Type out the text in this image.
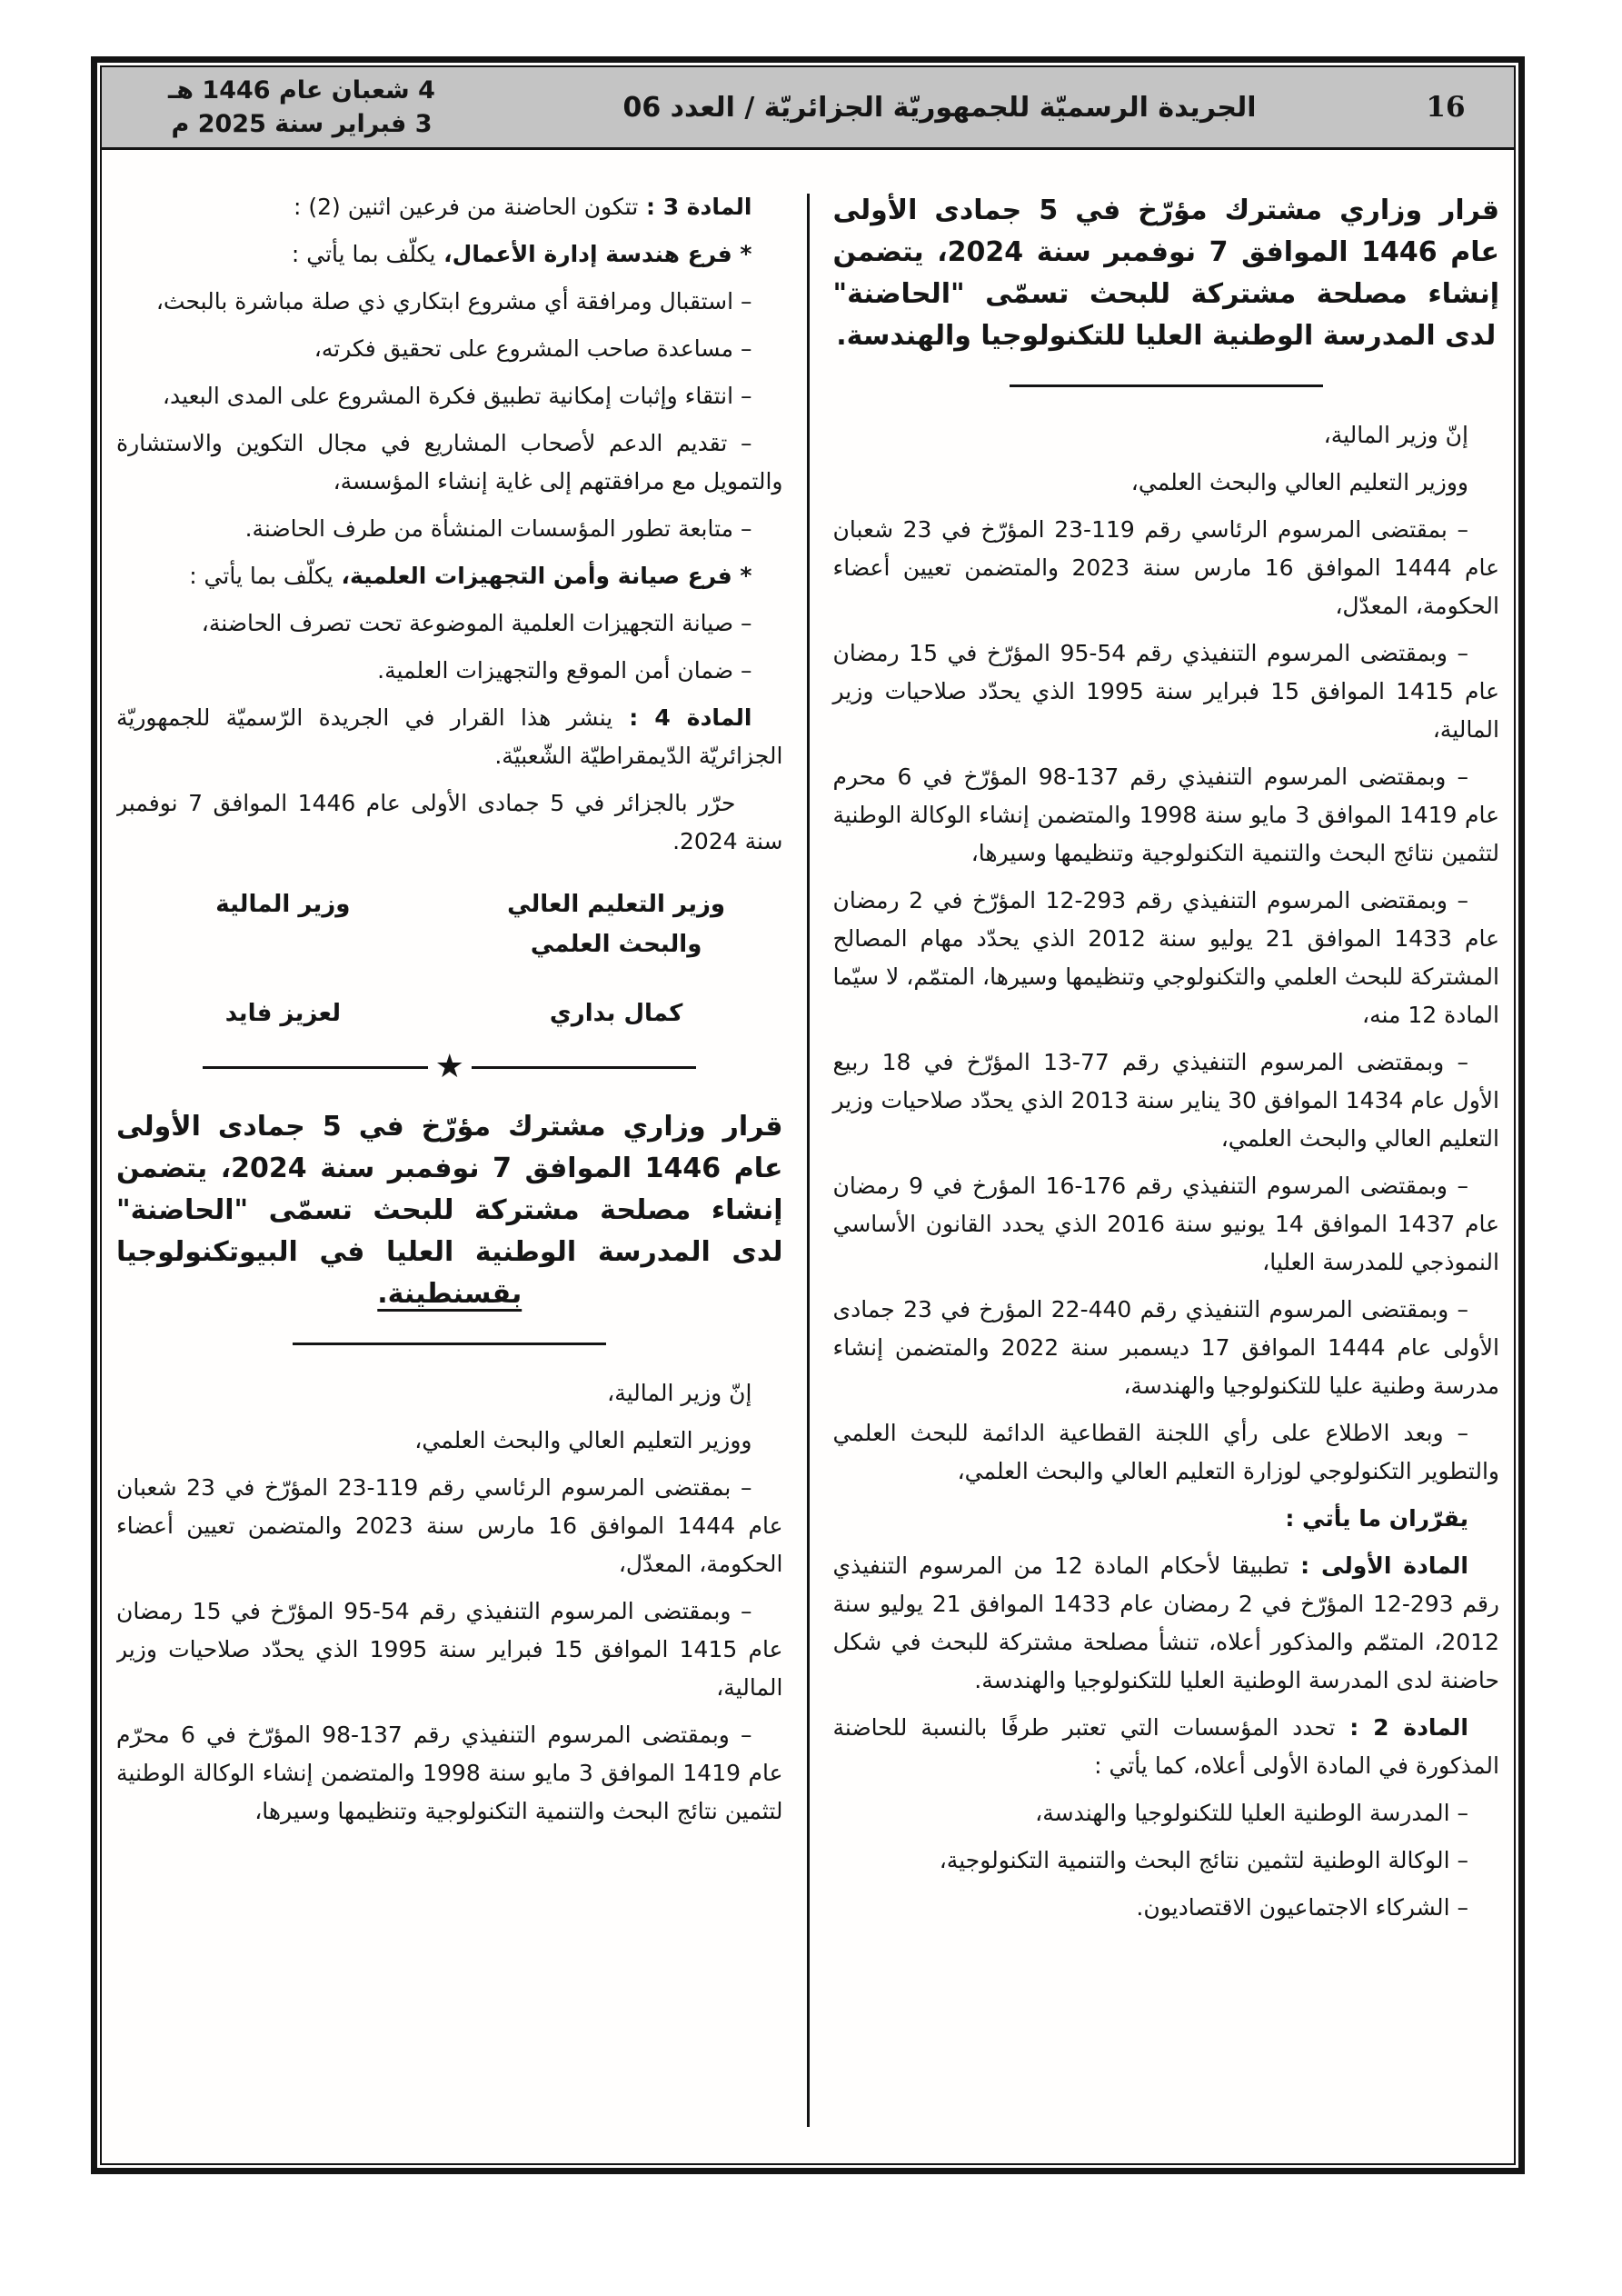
16
الجريدة الرسميّة للجمهوريّة الجزائريّة / العدد 06
4 شعبان عام 1446 هـ
3 فبراير سنة 2025 م

قرار وزاري مشترك مؤرّخ في 5 جمادى الأولى عام 1446 الموافق 7 نوفمبر سنة 2024، يتضمن إنشاء مصلحة مشتركة للبحث تسمّى "الحاضنة" لدى المدرسة الوطنية العليا للتكنولوجيا والهندسة.

إنّ وزير المالية،

ووزير التعليم العالي والبحث العلمي،

– بمقتضى المرسوم الرئاسي رقم 119-23 المؤرّخ في 23 شعبان عام 1444 الموافق 16 مارس سنة 2023 والمتضمن تعيين أعضاء الحكومة، المعدّل،

– وبمقتضى المرسوم التنفيذي رقم 54-95 المؤرّخ في 15 رمضان عام 1415 الموافق 15 فبراير سنة 1995 الذي يحدّد صلاحيات وزير المالية،

– وبمقتضى المرسوم التنفيذي رقم 137-98 المؤرّخ في 6 محرم عام 1419 الموافق 3 مايو سنة 1998 والمتضمن إنشاء الوكالة الوطنية لتثمين نتائج البحث والتنمية التكنولوجية وتنظيمها وسيرها،

– وبمقتضى المرسوم التنفيذي رقم 293-12 المؤرّخ في 2 رمضان عام 1433 الموافق 21 يوليو سنة 2012 الذي يحدّد مهام المصالح المشتركة للبحث العلمي والتكنولوجي وتنظيمها وسيرها، المتمّم، لا سيّما المادة 12 منه،

– وبمقتضى المرسوم التنفيذي رقم 77-13 المؤرّخ في 18 ربيع الأول عام 1434 الموافق 30 يناير سنة 2013 الذي يحدّد صلاحيات وزير التعليم العالي والبحث العلمي،

– وبمقتضى المرسوم التنفيذي رقم 176-16 المؤرخ في 9 رمضان عام 1437 الموافق 14 يونيو سنة 2016 الذي يحدد القانون الأساسي النموذجي للمدرسة العليا،

– وبمقتضى المرسوم التنفيذي رقم 440-22 المؤرخ في 23 جمادى الأولى عام 1444 الموافق 17 ديسمبر سنة 2022 والمتضمن إنشاء مدرسة وطنية عليا للتكنولوجيا والهندسة،

– وبعد الاطلاع على رأي اللجنة القطاعية الدائمة للبحث العلمي والتطوير التكنولوجي لوزارة التعليم العالي والبحث العلمي،

يقرّران ما يأتي :

المادة الأولى : تطبيقا لأحكام المادة 12 من المرسوم التنفيذي رقم 293-12 المؤرّخ في 2 رمضان عام 1433 الموافق 21 يوليو سنة 2012، المتمّم والمذكور أعلاه، تنشأ مصلحة مشتركة للبحث في شكل حاضنة لدى المدرسة الوطنية العليا للتكنولوجيا والهندسة.

المادة 2 : تحدد المؤسسات التي تعتبر طرفًا بالنسبة للحاضنة المذكورة في المادة الأولى أعلاه، كما يأتي :

– المدرسة الوطنية العليا للتكنولوجيا والهندسة،

– الوكالة الوطنية لتثمين نتائج البحث والتنمية التكنولوجية،

– الشركاء الاجتماعيون الاقتصاديون.

المادة 3 : تتكون الحاضنة من فرعين اثنين (2) :

* فرع هندسة إدارة الأعمال، يكلّف بما يأتي :

– استقبال ومرافقة أي مشروع ابتكاري ذي صلة مباشرة بالبحث،

– مساعدة صاحب المشروع على تحقيق فكرته،

– انتقاء وإثبات إمكانية تطبيق فكرة المشروع على المدى البعيد،

– تقديم الدعم لأصحاب المشاريع في مجال التكوين والاستشارة والتمويل مع مرافقتهم إلى غاية إنشاء المؤسسة،

– متابعة تطور المؤسسات المنشأة من طرف الحاضنة.

* فرع صيانة وأمن التجهيزات العلمية، يكلّف بما يأتي :

– صيانة التجهيزات العلمية الموضوعة تحت تصرف الحاضنة،

– ضمان أمن الموقع والتجهيزات العلمية.

المادة 4 : ينشر هذا القرار في الجريدة الرّسميّة للجمهوريّة الجزائريّة الدّيمقراطيّة الشّعبيّة.

حرّر بالجزائر في 5 جمادى الأولى عام 1446 الموافق 7 نوفمبر سنة 2024.

وزير التعليم العالي والبحث العلمي
كمال بداري
وزير المالية
لعزيز فايد
★

قرار وزاري مشترك مؤرّخ في 5 جمادى الأولى عام 1446 الموافق 7 نوفمبر سنة 2024، يتضمن إنشاء مصلحة مشتركة للبحث تسمّى "الحاضنة" لدى المدرسة الوطنية العليا في البيوتكنولوجيا بقسنطينة.

إنّ وزير المالية،

ووزير التعليم العالي والبحث العلمي،

– بمقتضى المرسوم الرئاسي رقم 119-23 المؤرّخ في 23 شعبان عام 1444 الموافق 16 مارس سنة 2023 والمتضمن تعيين أعضاء الحكومة، المعدّل،

– وبمقتضى المرسوم التنفيذي رقم 54-95 المؤرّخ في 15 رمضان عام 1415 الموافق 15 فبراير سنة 1995 الذي يحدّد صلاحيات وزير المالية،

– وبمقتضى المرسوم التنفيذي رقم 137-98 المؤرّخ في 6 محرّم عام 1419 الموافق 3 مايو سنة 1998 والمتضمن إنشاء الوكالة الوطنية لتثمين نتائج البحث والتنمية التكنولوجية وتنظيمها وسيرها،
